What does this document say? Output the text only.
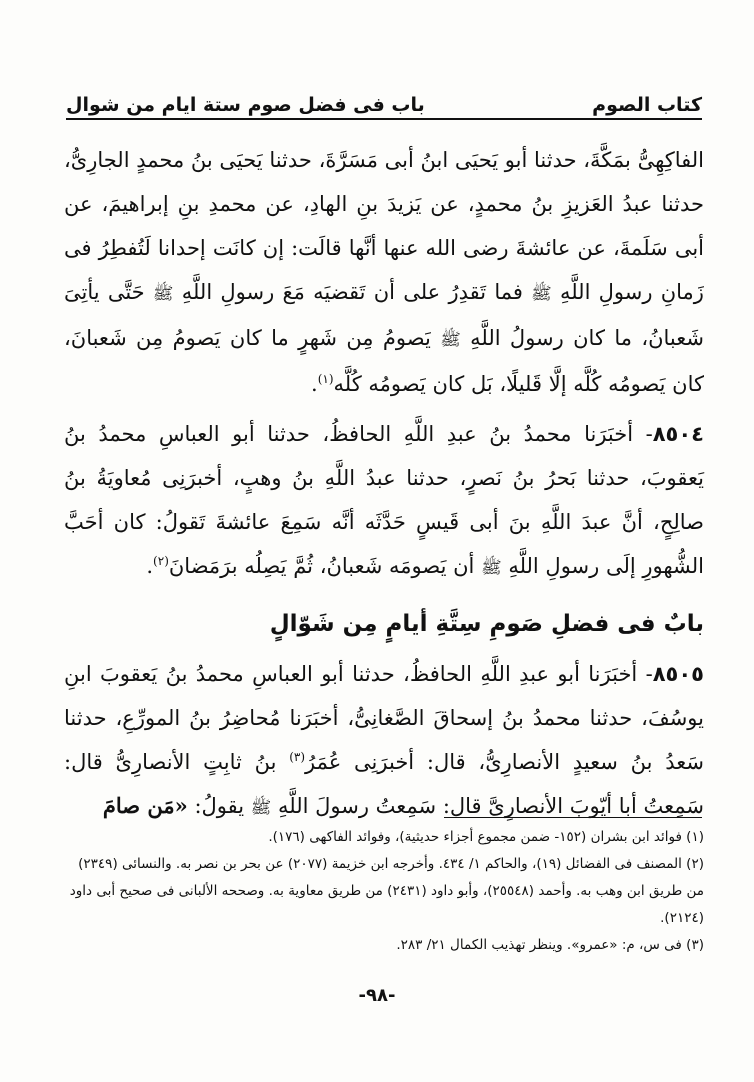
كتاب الصوم
باب فى فضل صوم ستة ايام من شوال

الفاكِهِىُّ بمَكَّةَ، حدثنا أبو يَحيَى ابنُ أبى مَسَرَّةَ، حدثنا يَحيَى بنُ محمدٍ الجارِىُّ، حدثنا عبدُ العَزيزِ بنُ محمدٍ، عن يَزيدَ بنِ الهادِ، عن محمدِ بنِ إبراهيمَ، عن أبى سَلَمةَ، عن عائشةَ رضى الله عنها أنَّها قالَت: إن كانَت إحدانا لَتُفطِرُ فى زَمانِ رسولِ اللَّهِ ﷺ فما تَقدِرُ على أن تَقضيَه مَعَ رسولِ اللَّهِ ﷺ حَتَّى يأتِىَ شَعبانُ، ما كان رسولُ اللَّهِ ﷺ يَصومُ مِن شَهرٍ ما كان يَصومُ مِن شَعبانَ، كان يَصومُه كُلَّه إلَّا قَليلًا، بَل كان يَصومُه كُلَّه$^{(١)}$.

٨٥٠٤- أخبَرَنا محمدُ بنُ عبدِ اللَّهِ الحافظُ، حدثنا أبو العباسِ محمدُ بنُ يَعقوبَ، حدثنا بَحرُ بنُ نَصرٍ، حدثنا عبدُ اللَّهِ بنُ وهبٍ، أخبرَنِى مُعاويَةُ بنُ صالِحٍ، أنَّ عبدَ اللَّهِ بنَ أبى قَيسٍ حَدَّثَه أنَّه سَمِعَ عائشةَ تَقولُ: كان أحَبَّ الشُّهورِ إلَى رسولِ اللَّهِ ﷺ أن يَصومَه شَعبانُ، ثُمَّ يَصِلُه برَمَضانَ$^{(٢)}$.

بابٌ فى فضلِ صَومِ سِتَّةِ أيامٍ مِن شَوّالٍ

٨٥٠٥- أخبَرَنا أبو عبدِ اللَّهِ الحافظُ، حدثنا أبو العباسِ محمدُ بنُ يَعقوبَ ابنِ يوسُفَ، حدثنا محمدُ بنُ إسحاقَ الصَّغانِىُّ، أخبَرَنا مُحاضِرُ بنُ المورِّعِ، حدثنا سَعدُ بنُ سعيدٍ الأنصارِىُّ، قال: أخبرَنِى عُمَرُ$^{(٣)}$ بنُ ثابِتٍ الأنصارِىُّ قال: سَمِعتُ أبا أيّوبَ الأنصارِىَّ قال: سَمِعتُ رسولَ اللَّهِ ﷺ يقولُ: «مَن صامَ

(١) فوائد ابن بشران (١٥٢- ضمن مجموع أجزاء حديثية)، وفوائد الفاكهى (١٧٦).

(٢) المصنف فى الفضائل (١٩)، والحاكم ١/ ٤٣٤. وأخرجه ابن خزيمة (٢٠٧٧) عن بحر بن نصر به. والنسائى (٢٣٤٩) من طريق ابن وهب به. وأحمد (٢٥٥٤٨)، وأبو داود (٢٤٣١) من طريق معاوية به. وصححه الألبانى فى صحيح أبى داود (٢١٢٤).

(٣) فى س، م: «عمرو». وينظر تهذيب الكمال ٢١/ ٢٨٣.

-٩٨-
